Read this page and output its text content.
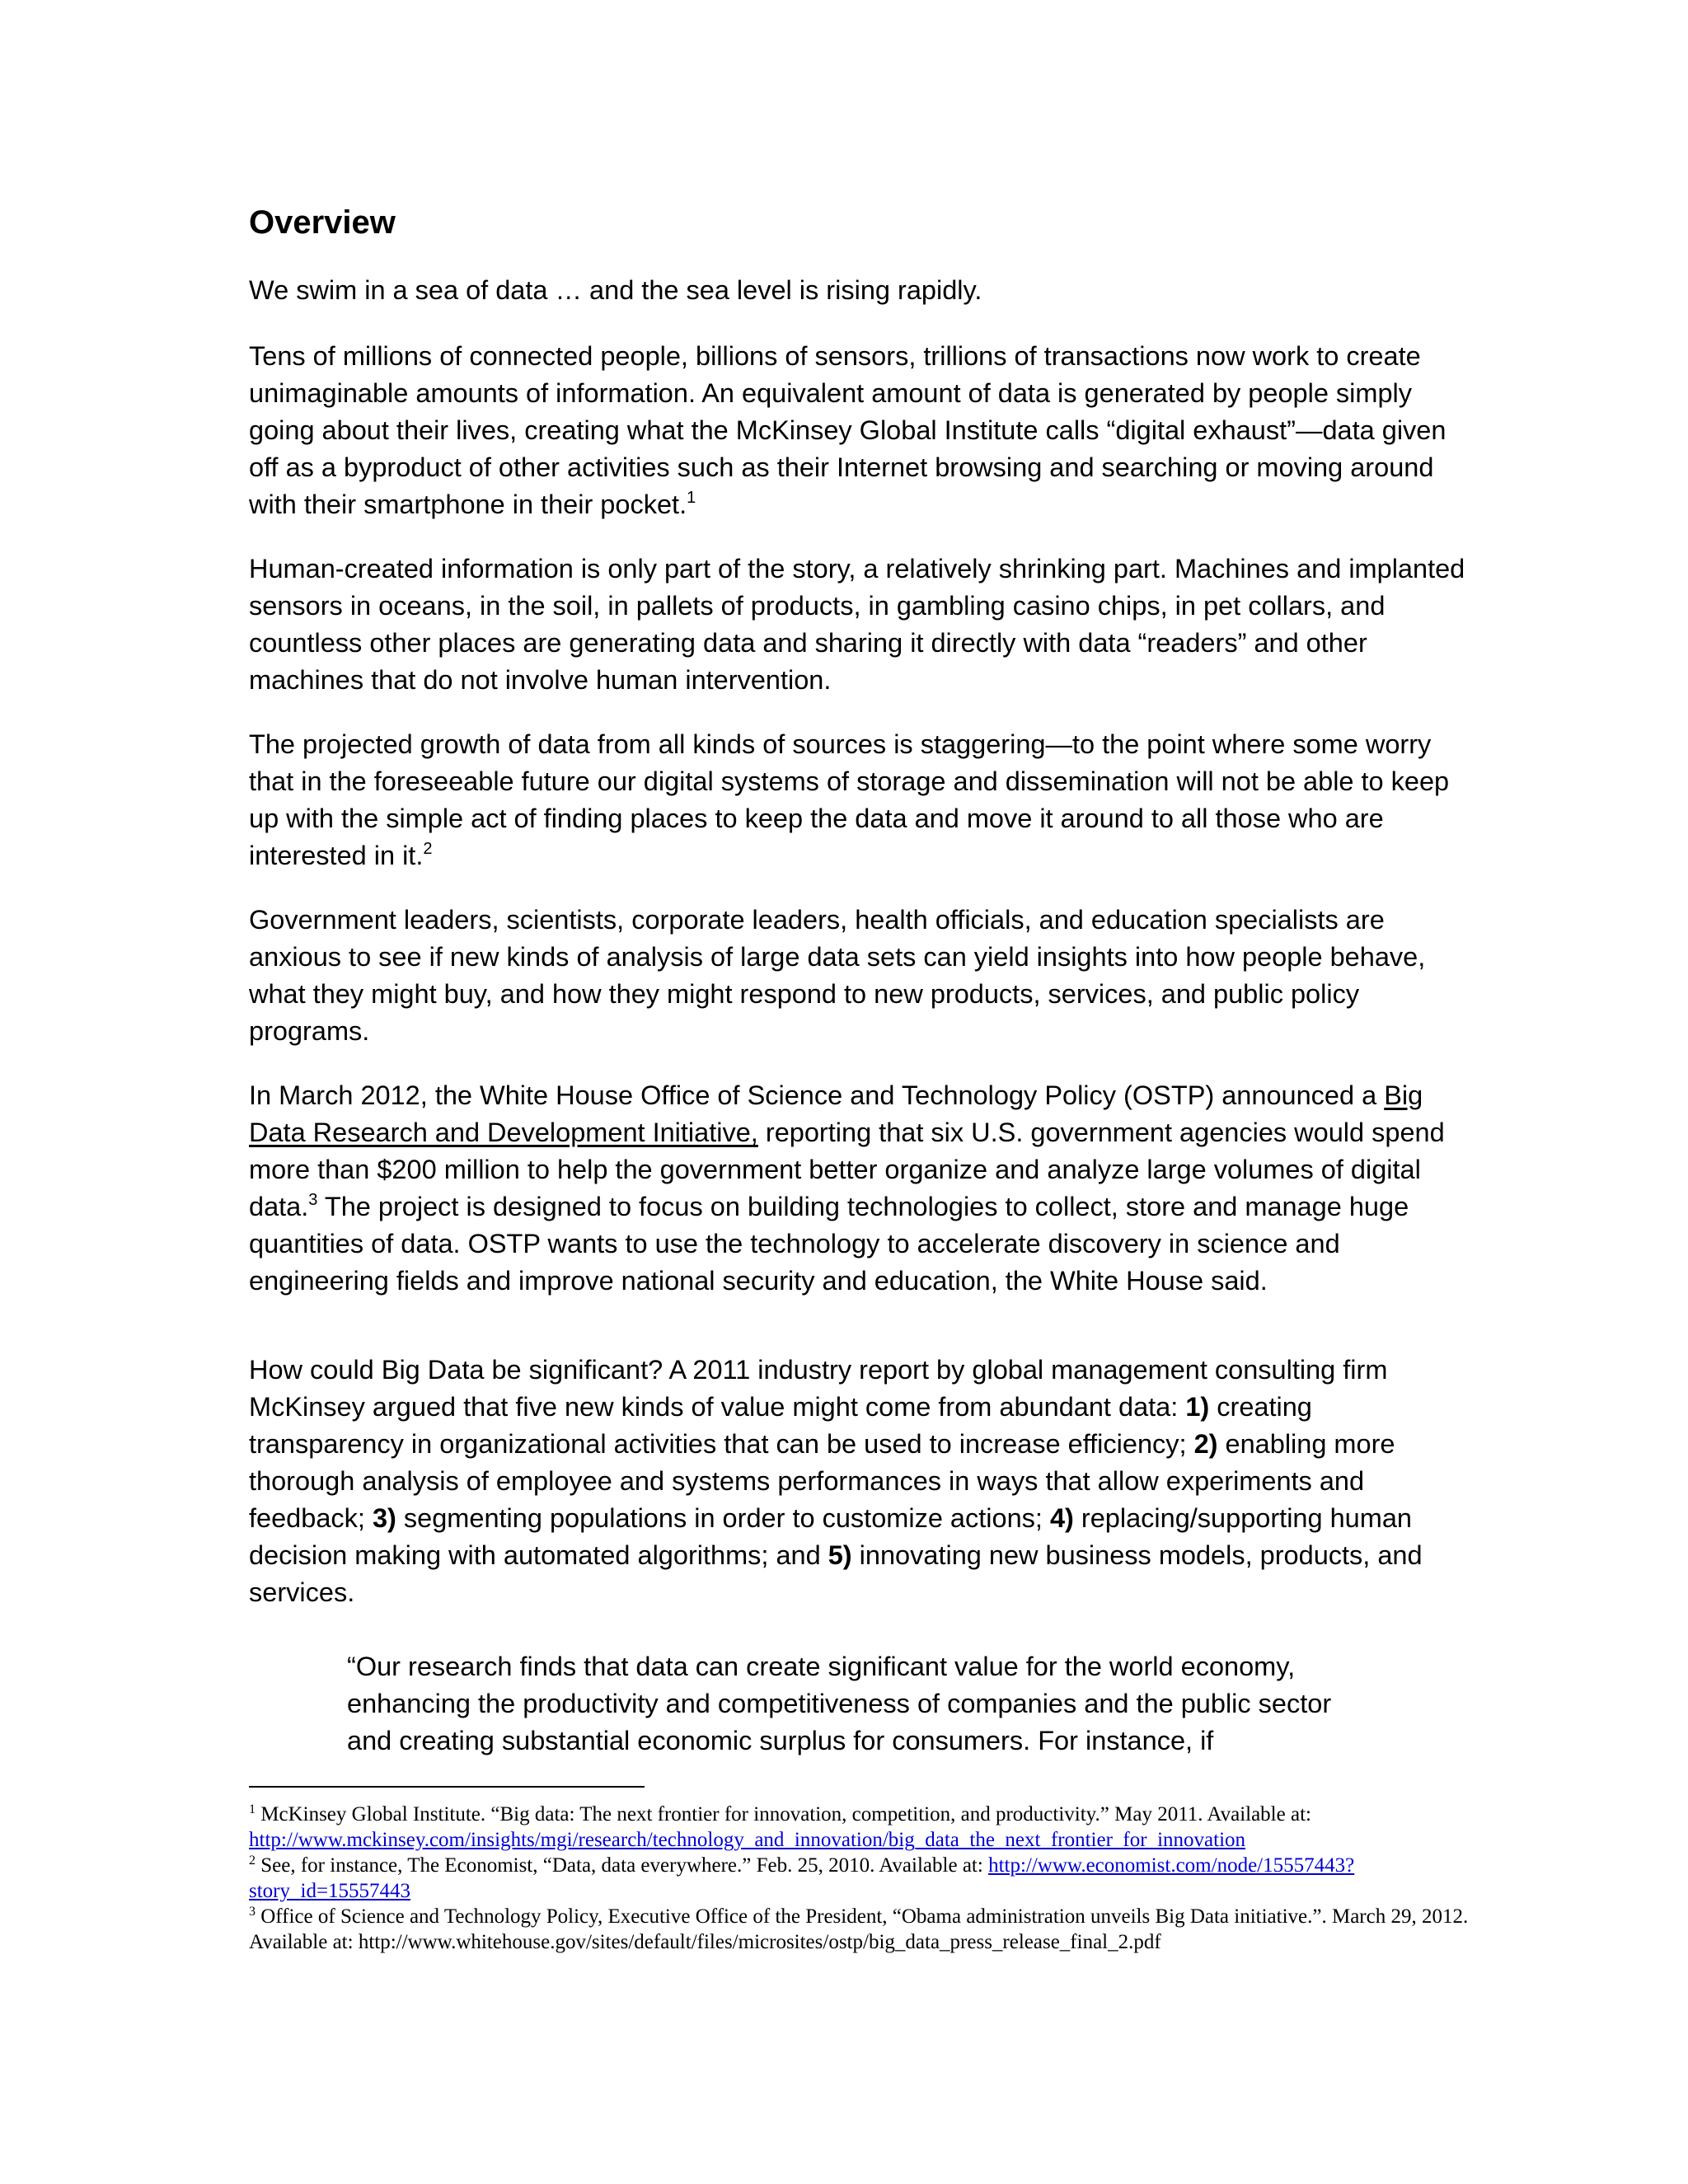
Overview

We swim in a sea of data … and the sea level is rising rapidly.

Tens of millions of connected people, billions of sensors, trillions of transactions now work to create unimaginable amounts of information. An equivalent amount of data is generated by people simply going about their lives, creating what the McKinsey Global Institute calls “digital exhaust”—data given off as a byproduct of other activities such as their Internet browsing and searching or moving around with their smartphone in their pocket.$^1$

Human-created information is only part of the story, a relatively shrinking part. Machines and implanted sensors in oceans, in the soil, in pallets of products, in gambling casino chips, in pet collars, and countless other places are generating data and sharing it directly with data “readers” and other machines that do not involve human intervention.

The projected growth of data from all kinds of sources is staggering—to the point where some worry that in the foreseeable future our digital systems of storage and dissemination will not be able to keep up with the simple act of finding places to keep the data and move it around to all those who are interested in it.$^2$

Government leaders, scientists, corporate leaders, health officials, and education specialists are anxious to see if new kinds of analysis of large data sets can yield insights into how people behave, what they might buy, and how they might respond to new products, services, and public policy programs.

In March 2012, the White House Office of Science and Technology Policy (OSTP) announced a Big Data Research and Development Initiative, reporting that six U.S. government agencies would spend more than $200 million to help the government better organize and analyze large volumes of digital data.$^3$ The project is designed to focus on building technologies to collect, store and manage huge quantities of data. OSTP wants to use the technology to accelerate discovery in science and engineering fields and improve national security and education, the White House said.

How could Big Data be significant? A 2011 industry report by global management consulting firm McKinsey argued that five new kinds of value might come from abundant data: 1) creating transparency in organizational activities that can be used to increase efficiency; 2) enabling more thorough analysis of employee and systems performances in ways that allow experiments and feedback; 3) segmenting populations in order to customize actions; 4) replacing/supporting human decision making with automated algorithms; and 5) innovating new business models, products, and services.

“Our research finds that data can create significant value for the world economy, enhancing the productivity and competitiveness of companies and the public sector and creating substantial economic surplus for consumers. For instance, if

$^1$ McKinsey Global Institute. “Big data: The next frontier for innovation, competition, and productivity.” May 2011. Available at: http://www.mckinsey.com/insights/mgi/research/technology_and_innovation/big_data_the_next_frontier_for_innovation

$^2$ See, for instance, The Economist, “Data, data everywhere.” Feb. 25, 2010. Available at: http://www.economist.com/node/15557443?story_id=15557443

$^3$ Office of Science and Technology Policy, Executive Office of the President, “Obama administration unveils Big Data initiative.”. March 29, 2012. Available at: http://www.whitehouse.gov/sites/default/files/microsites/ostp/big_data_press_release_final_2.pdf
